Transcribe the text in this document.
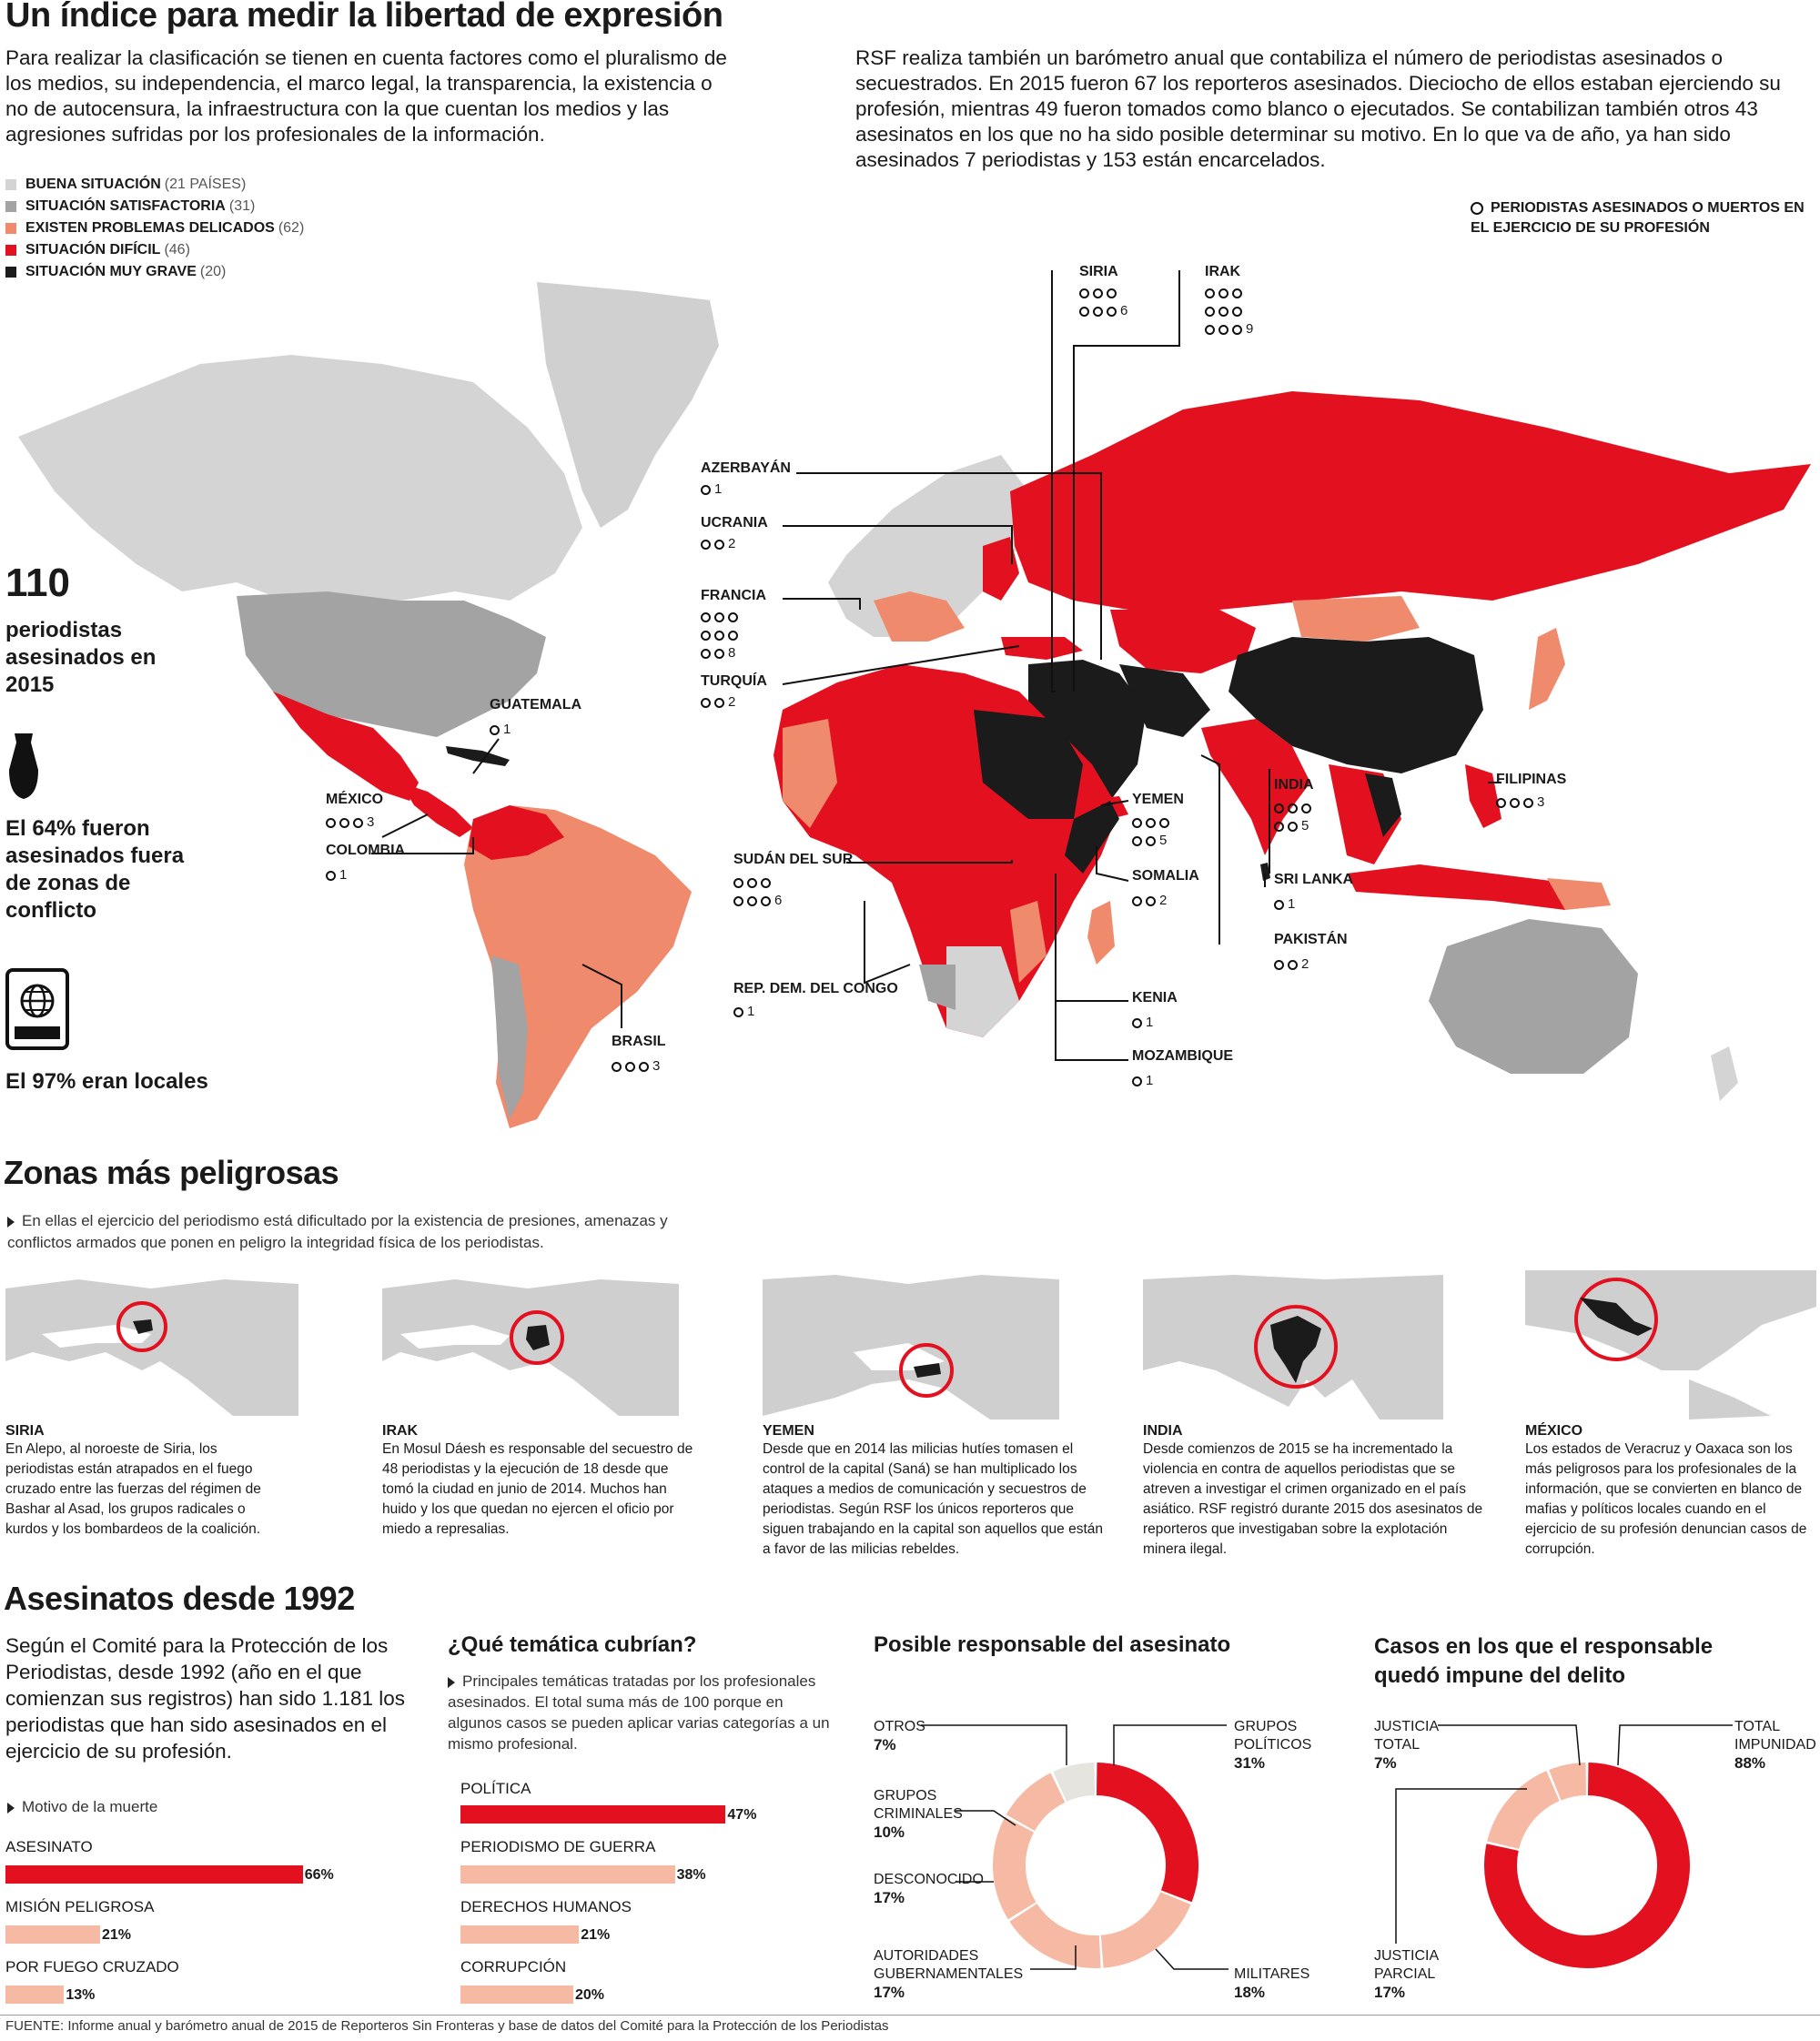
Un índice para medir la libertad de expresión
Para realizar la clasificación se tienen en cuenta factores como el pluralismo de los medios, su independencia, el marco legal, la transparencia, la existencia o no de autocensura, la infraestructura con la que cuentan los medios y las agresiones sufridas por los profesionales de la información.
RSF realiza también un barómetro anual que contabiliza el número de periodistas asesinados o secuestrados. En 2015 fueron 67 los reporteros asesinados. Dieciocho de ellos estaban ejerciendo su profesión, mientras 49 fueron tomados como blanco o ejecutados. Se contabilizan también otros 43 asesinatos en los que no ha sido posible determinar su motivo. En lo que va de año, ya han sido asesinados 7 periodistas y 153 están encarcelados.
BUENA SITUACIÓN (21 PAÍSES)
SITUACIÓN SATISFACTORIA (31)
EXISTEN PROBLEMAS DELICADOS (62)
SITUACIÓN DIFÍCIL (46)
SITUACIÓN MUY GRAVE (20)
PERIODISTAS ASESINADOS O MUERTOS EN EL EJERCICIO DE SU PROFESIÓN
SIRIA

6
IRAK

9
AZERBAYÁN
1
UCRANIA
2
FRANCIA

8
TURQUÍA
2
GUATEMALA
1
MÉXICO
3
COLOMBIA
1
SUDÁN DEL SUR

6
REP. DEM. DEL CONGO
1
BRASIL
3
YEMEN

5
SOMALIA
2
KENIA
1
MOZAMBIQUE
1
INDIA

5
SRI LANKA
1
PAKISTÁN
2
FILIPINAS
3
110
periodistas asesinados en 2015
El 64% fueron asesinados fuera de zonas de conflicto
El 97% eran locales
Zonas más peligrosas
En ellas el ejercicio del periodismo está dificultado por la existencia de presiones, amenazas y conflictos armados que ponen en peligro la integridad física de los periodistas.
SIRIA
En Alepo, al noroeste de Siria, los periodistas están atrapados en el fuego cruzado entre las fuerzas del régimen de Bashar al Asad, los grupos radicales o kurdos y los bombardeos de la coalición.
IRAK
En Mosul Dáesh es responsable del secuestro de 48 periodistas y la ejecución de 18 desde que tomó la ciudad en junio de 2014. Muchos han huido y los que quedan no ejercen el oficio por miedo a represalias.
YEMEN
Desde que en 2014 las milicias hutíes tomasen el control de la capital (Saná) se han multiplicado los ataques a medios de comunicación y secuestros de periodistas. Según RSF los únicos reporteros que siguen trabajando en la capital son aquellos que están a favor de las milicias rebeldes.
INDIA
Desde comienzos de 2015 se ha incrementado la violencia en contra de aquellos periodistas que se atreven a investigar el crimen organizado en el país asiático. RSF registró durante 2015 dos asesinatos de reporteros que investigaban sobre la explotación minera ilegal.
MÉXICO
Los estados de Veracruz y Oaxaca son los más peligrosos para los profesionales de la información, que se convierten en blanco de mafias y políticos locales cuando en el ejercicio de su profesión denuncian casos de corrupción.
Asesinatos desde 1992
Según el Comité para la Protección de los Periodistas, desde 1992 (año en el que comienzan sus registros) han sido 1.181 los periodistas que han sido asesinados en el ejercicio de su profesión.
Motivo de la muerte
ASESINATO
66%
MISIÓN PELIGROSA
21%
POR FUEGO CRUZADO
13%
¿Qué temática cubrían?
Principales temáticas tratadas por los profesionales asesinados. El total suma más de 100 porque en algunos casos se pueden aplicar varias categorías a un mismo profesional.
POLÍTICA
47%
PERIODISMO DE GUERRA
38%
DERECHOS HUMANOS
21%
CORRUPCIÓN
20%
Posible responsable del asesinato
GRUPOS POLÍTICOS
31%
MILITARES
18%
AUTORIDADES GUBERNAMENTALES
17%
DESCONOCIDO
17%
GRUPOS CRIMINALES
10%
OTROS
7%
Casos en los que el responsable quedó impune del delito
TOTAL IMPUNIDAD
88%
JUSTICIA PARCIAL
17%
JUSTICIA TOTAL
7%
FUENTE: Informe anual y barómetro anual de 2015 de Reporteros Sin Fronteras y base de datos del Comité para la Protección de los Periodistas
